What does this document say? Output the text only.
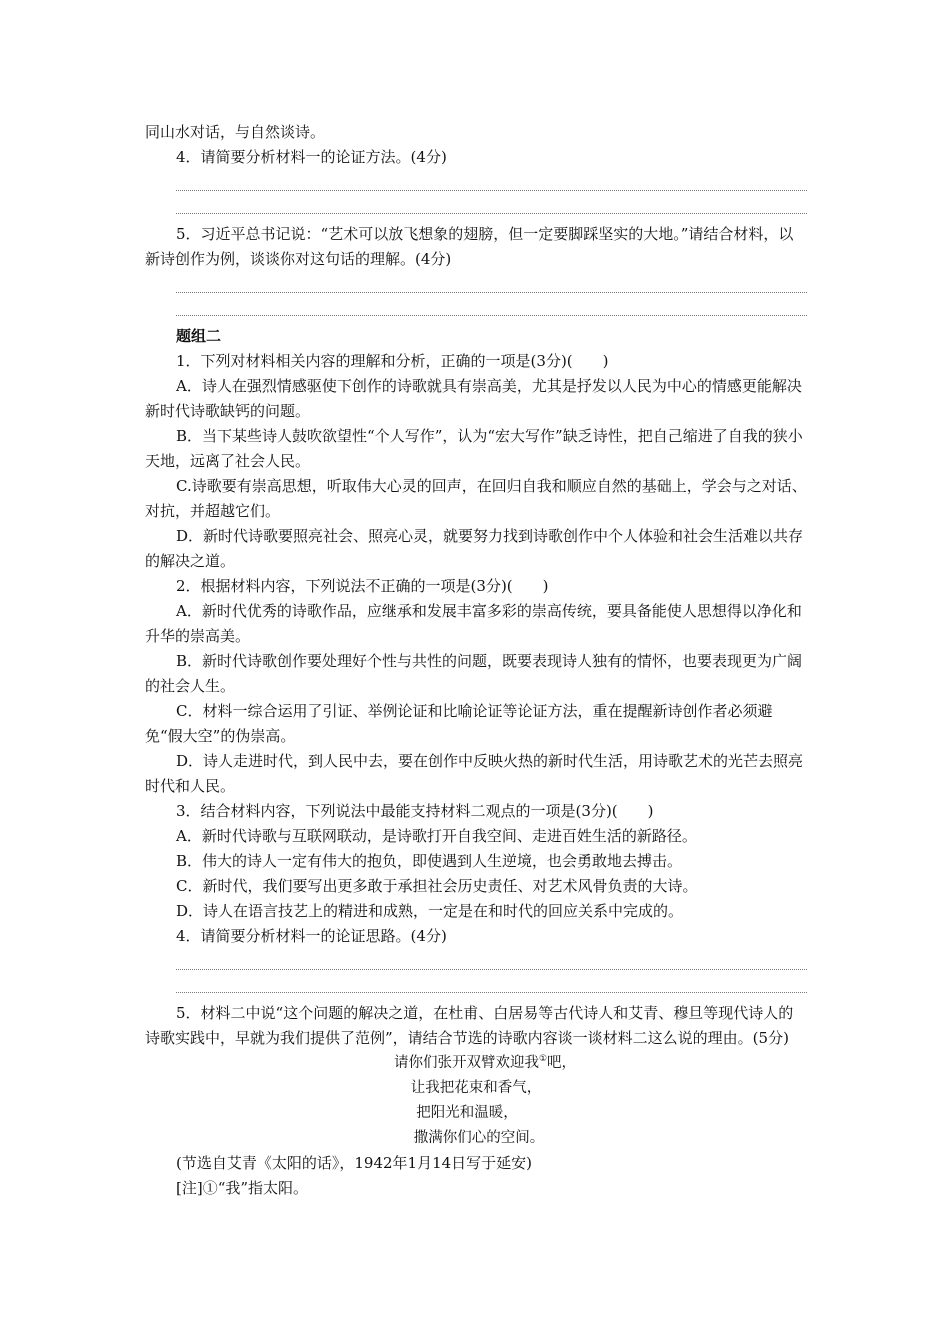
同山水对话，与自然谈诗。

4．请简要分析材料一的论证方法。(4分)

5．习近平总书记说：“艺术可以放飞想象的翅膀，但一定要脚踩坚实的大地。”请结合材料，以新诗创作为例，谈谈你对这句话的理解。(4分)

题组二

1．下列对材料相关内容的理解和分析，正确的一项是(3分)(　　)

A．诗人在强烈情感驱使下创作的诗歌就具有崇高美，尤其是抒发以人民为中心的情感更能解决新时代诗歌缺钙的问题。

B．当下某些诗人鼓吹欲望性“个人写作”，认为“宏大写作”缺乏诗性，把自己缩进了自我的狭小天地，远离了社会人民。

C.诗歌要有崇高思想，听取伟大心灵的回声，在回归自我和顺应自然的基础上，学会与之对话、对抗，并超越它们。

D．新时代诗歌要照亮社会、照亮心灵，就要努力找到诗歌创作中个人体验和社会生活难以共存的解决之道。

2．根据材料内容，下列说法不正确的一项是(3分)(　　)

A．新时代优秀的诗歌作品，应继承和发展丰富多彩的崇高传统，要具备能使人思想得以净化和升华的崇高美。

B．新时代诗歌创作要处理好个性与共性的问题，既要表现诗人独有的情怀，也要表现更为广阔的社会人生。

C．材料一综合运用了引证、举例论证和比喻论证等论证方法，重在提醒新诗创作者必须避免“假大空”的伪崇高。

D．诗人走进时代，到人民中去，要在创作中反映火热的新时代生活，用诗歌艺术的光芒去照亮时代和人民。

3．结合材料内容，下列说法中最能支持材料二观点的一项是(3分)(　　)

A．新时代诗歌与互联网联动，是诗歌打开自我空间、走进百姓生活的新路径。

B．伟大的诗人一定有伟大的抱负，即使遇到人生逆境，也会勇敢地去搏击。

C．新时代，我们要写出更多敢于承担社会历史责任、对艺术风骨负责的大诗。

D．诗人在语言技艺上的精进和成熟，一定是在和时代的回应关系中完成的。

4．请简要分析材料一的论证思路。(4分)

5．材料二中说“这个问题的解决之道，在杜甫、白居易等古代诗人和艾青、穆旦等现代诗人的诗歌实践中，早就为我们提供了范例”，请结合节选的诗歌内容谈一谈材料二这么说的理由。(5分)

请你们张开双臂欢迎我①吧，
让我把花束和香气，
把阳光和温暖，
撒满你们心的空间。

(节选自艾青《太阳的话》，1942年1月14日写于延安)

[注]①“我”指太阳。
